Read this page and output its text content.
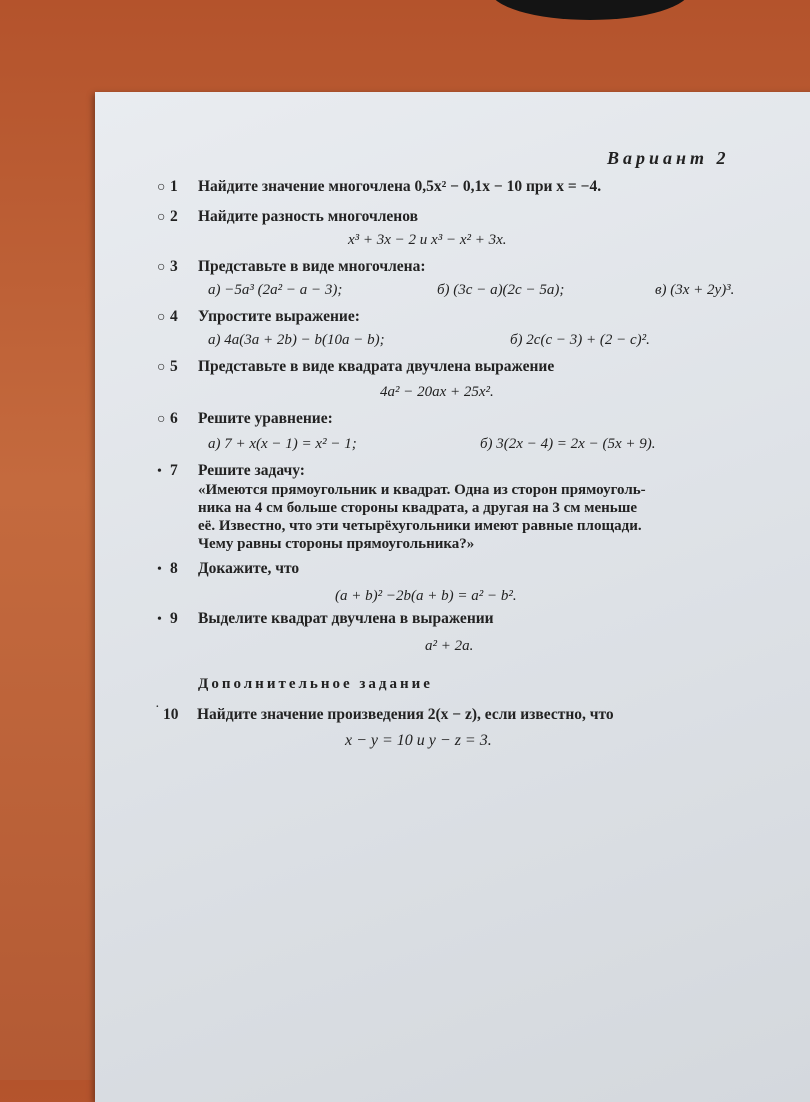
Вариант 2
○ 1 Найдите значение многочлена 0,5x² − 0,1x − 10 при x = −4.
○ 2 Найдите разность многочленов
x³ + 3x − 2 и x³ − x² + 3x.
○ 3 Представьте в виде многочлена:
а) −5a³ (2a² − a − 3);	б) (3c − a)(2c − 5a);	в) (3x + 2y)³.
○ 4 Упростите выражение:
а) 4a(3a + 2b) − b(10a − b);	б) 2c(c − 3) + (2 − c)².
○ 5 Представьте в виде квадрата двучлена выражение
4a² − 20ax + 25x².
○ 6 Решите уравнение:
а) 7 + x(x − 1) = x² − 1;	б) 3(2x − 4) = 2x − (5x + 9).
• 7 Решите задачу:
«Имеются прямоугольник и квадрат. Одна из сторон прямоуголь-
ника на 4 см больше стороны квадрата, а другая на 3 см меньше
её. Известно, что эти четырёхугольники имеют равные площади.
Чему равны стороны прямоугольника?»
• 8 Докажите, что
(a + b)² −2b(a + b) = a² − b².
• 9 Выделите квадрат двучлена в выражении
a² + 2a.
Дополнительное задание
· 10 Найдите значение произведения 2(x − z), если известно, что
x − y = 10 и y − z = 3.
